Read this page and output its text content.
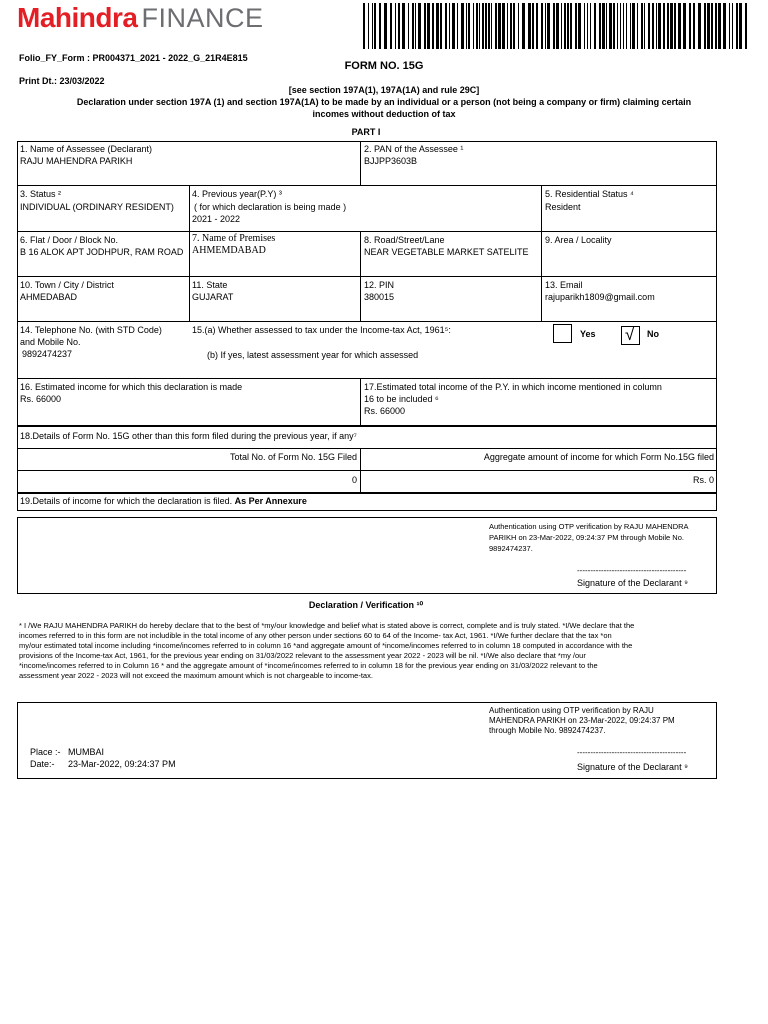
Mahindra FINANCE
Folio_FY_Form : PR004371_2021 - 2022_G_21R4E815
Print Dt.: 23/03/2022
FORM NO. 15G
[see section 197A(1), 197A(1A) and rule 29C]
Declaration under section 197A (1) and section 197A(1A) to be made by an individual or a person (not being a company or firm) claiming certain
incomes without deduction of tax
PART I
1. Name of Assessee (Declarant)
RAJU MAHENDRA PARIKH
2. PAN of the Assessee ¹
BJJPP3603B
3. Status ²
INDIVIDUAL (ORDINARY RESIDENT)
4. Previous year(P.Y) ³
( for which declaration is being made )
2021 - 2022
5. Residential Status ⁴
Resident
6. Flat / Door / Block No.
B 16 ALOK APT JODHPUR, RAM ROAD
7. Name of Premises
AHMEMDABAD
8. Road/Street/Lane
NEAR VEGETABLE MARKET SATELITE
9. Area / Locality
10. Town / City / District
AHMEDABAD
11. State
GUJARAT
12. PIN
380015
13. Email
rajuparikh1809@gmail.com
14. Telephone No. (with STD Code)
and Mobile No.
9892474237
15.(a) Whether assessed to tax under the Income-tax Act, 1961⁵:
(b) If yes, latest assessment year for which assessed
Yes √ No
16. Estimated income for which this declaration is made
Rs. 66000
17.Estimated total income of the P.Y. in which income mentioned in column
16 to be included ⁶
Rs. 66000
18.Details of Form No. 15G other than this form filed during the previous year, if any⁷
Total No. of Form No. 15G Filed	Aggregate amount of income for which Form No.15G filed
0	Rs. 0
19.Details of income for which the declaration is filed. As Per Annexure
Authentication using OTP verification by RAJU MAHENDRA
PARIKH on 23-Mar-2022, 09:24:37 PM through Mobile No.
9892474237.
-----------------------------------------
Signature of the Declarant ⁹
Declaration / Verification ¹⁰
* I /We RAJU MAHENDRA PARIKH do hereby declare that to the best of *my/our knowledge and belief what is stated above is correct, complete and is truly stated. *I/We declare that the
incomes referred to in this form are not includible in the total income of any other person under sections 60 to 64 of the Income- tax Act, 1961. *I/We further declare that the tax *on
my/our estimated total income including *income/incomes referred to in column 16 *and aggregate amount of *income/incomes referred to in column 18 computed in accordance with the
provisions of the Income-tax Act, 1961, for the previous year ending on 31/03/2022 relevant to the assessment year 2022 - 2023 will be nil. *I/We also declare that *my /our
*income/incomes referred to in Column 16 * and the aggregate amount of *income/incomes referred to in column 18 for the previous year ending on 31/03/2022 relevant to the
assessment year 2022 - 2023 will not exceed the maximum amount which is not chargeable to income-tax.
Authentication using OTP verification by RAJU
MAHENDRA PARIKH on 23-Mar-2022, 09:24:37 PM
through Mobile No. 9892474237.
-----------------------------------------
Signature of the Declarant ⁹
Place :- MUMBAI
Date:- 23-Mar-2022, 09:24:37 PM
